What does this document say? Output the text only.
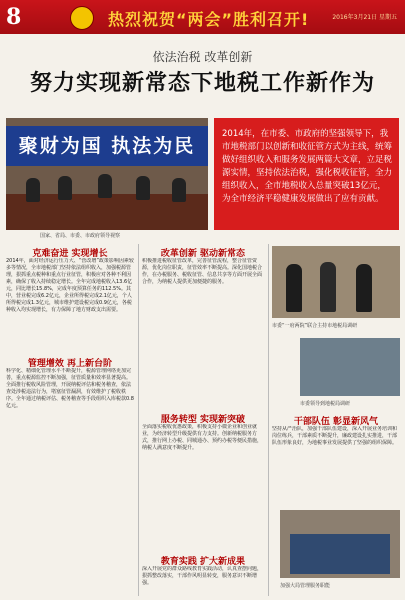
8	热烈祝贺“两会”胜利召开!	2016年3月21日 星期五
依法治税 改革创新
努力实现新常态下地税工作新作为
聚财为国 执法为民
国家、省局、市委、市政府领导视察
2014年，在市委、市政府的坚强领导下，我市地税部门以创新和收征管方式为主线，统筹做好组织收入和服务发展两篇大文章，立足税源实情，坚持依法治税，强化税收征管，全力组织收入，全市地税收入总量突破13亿元，为全市经济平稳健康发展做出了应有贡献。
克难奋进 实现增长
2014年，面对经济运行压力大、“营改增”政策影响因素较多等情况，全市地税部门坚持依法组织收入，加强税源管理，狠抓重点税种和重点行业征管，积极应对各种不利因素，确保了收入持续稳定增长。全年完成地税收入13.6亿元，同比增长15.8%，完成年度预算任务的112.5%。其中，营业税完成6.2亿元，企业所得税完成2.1亿元，个人所得税完成1.3亿元，城市维护建设税完成0.9亿元，各税种收入均实现增长，有力保障了地方财政支出需要。
管理增效 再上新台阶
科学化、精细化管理水平不断提升，税源管理网络更加完善，重点税源监控不断加强，征管质量和效率显著提高。全面推行税收风险管理，开展纳税评估和税务稽查，依法查处涉税违法行为，堵塞征管漏洞，有效维护了税收秩序。全年通过纳税评估、税务稽查等手段组织入库税款0.8亿元。
改革创新 驱动新常态
积极推进税收征管改革，完善征管流程，整合征管资源，优化岗位职责，征管效率不断提高。深化国地税合作，在办税服务、税收征管、信息共享等方面开展全面合作，为纳税人提供更加便捷的服务。
服务转型 实现新突破
全面落实税收优惠政策，积极支持小微企业和创业就业，为经济转型升级提供有力支持。创新纳税服务方式，推行网上办税、同城通办、预约办税等便民措施，纳税人满意度不断提升。
教育实践 扩大新成果
深入开展党的群众路线教育实践活动，认真查摆问题，狠抓整改落实，干部作风明显转变，服务意识不断增强。
市委“一府两院”联合主持市地税局调研
市委领导到地税局调研
干部队伍 彰显新风气
坚持从严治队，加强干部队伍建设，深入开展业务培训和岗位练兵，干部素质不断提升，廉政建设扎实推进，干部队伍形象良好，为地税事业发展提供了坚强的组织保障。
加强大局管理服务职能
